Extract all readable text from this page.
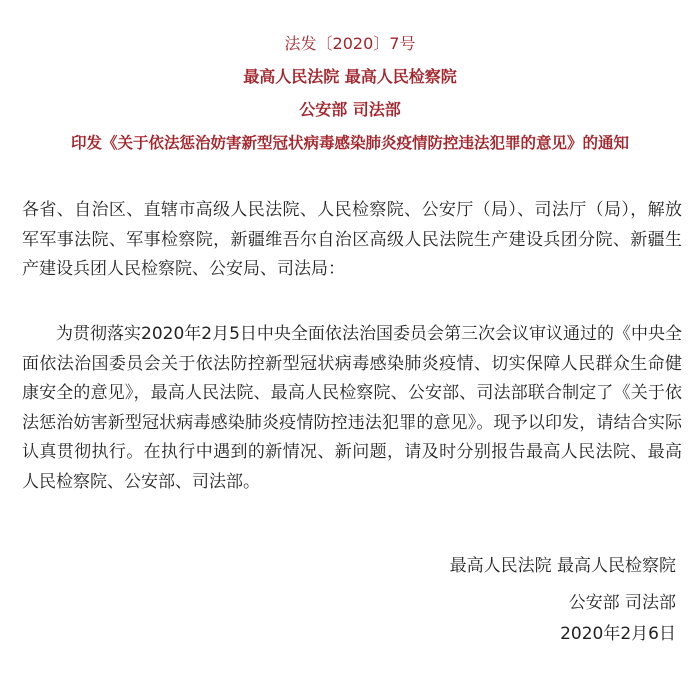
法发〔2020〕7号
最高人民法院 最高人民检察院
公安部 司法部
印发《关于依法惩治妨害新型冠状病毒感染肺炎疫情防控违法犯罪的意见》的通知

各省、自治区、直辖市高级人民法院、人民检察院、公安厅（局）、司法厅（局），解放军军事法院、军事检察院，新疆维吾尔自治区高级人民法院生产建设兵团分院、新疆生产建设兵团人民检察院、公安局、司法局：

为贯彻落实2020年2月5日中央全面依法治国委员会第三次会议审议通过的《中央全面依法治国委员会关于依法防控新型冠状病毒感染肺炎疫情、切实保障人民群众生命健康安全的意见》，最高人民法院、最高人民检察院、公安部、司法部联合制定了《关于依法惩治妨害新型冠状病毒感染肺炎疫情防控违法犯罪的意见》。现予以印发，请结合实际认真贯彻执行。在执行中遇到的新情况、新问题，请及时分别报告最高人民法院、最高人民检察院、公安部、司法部。

最高人民法院 最高人民检察院
公安部 司法部
2020年2月6日
